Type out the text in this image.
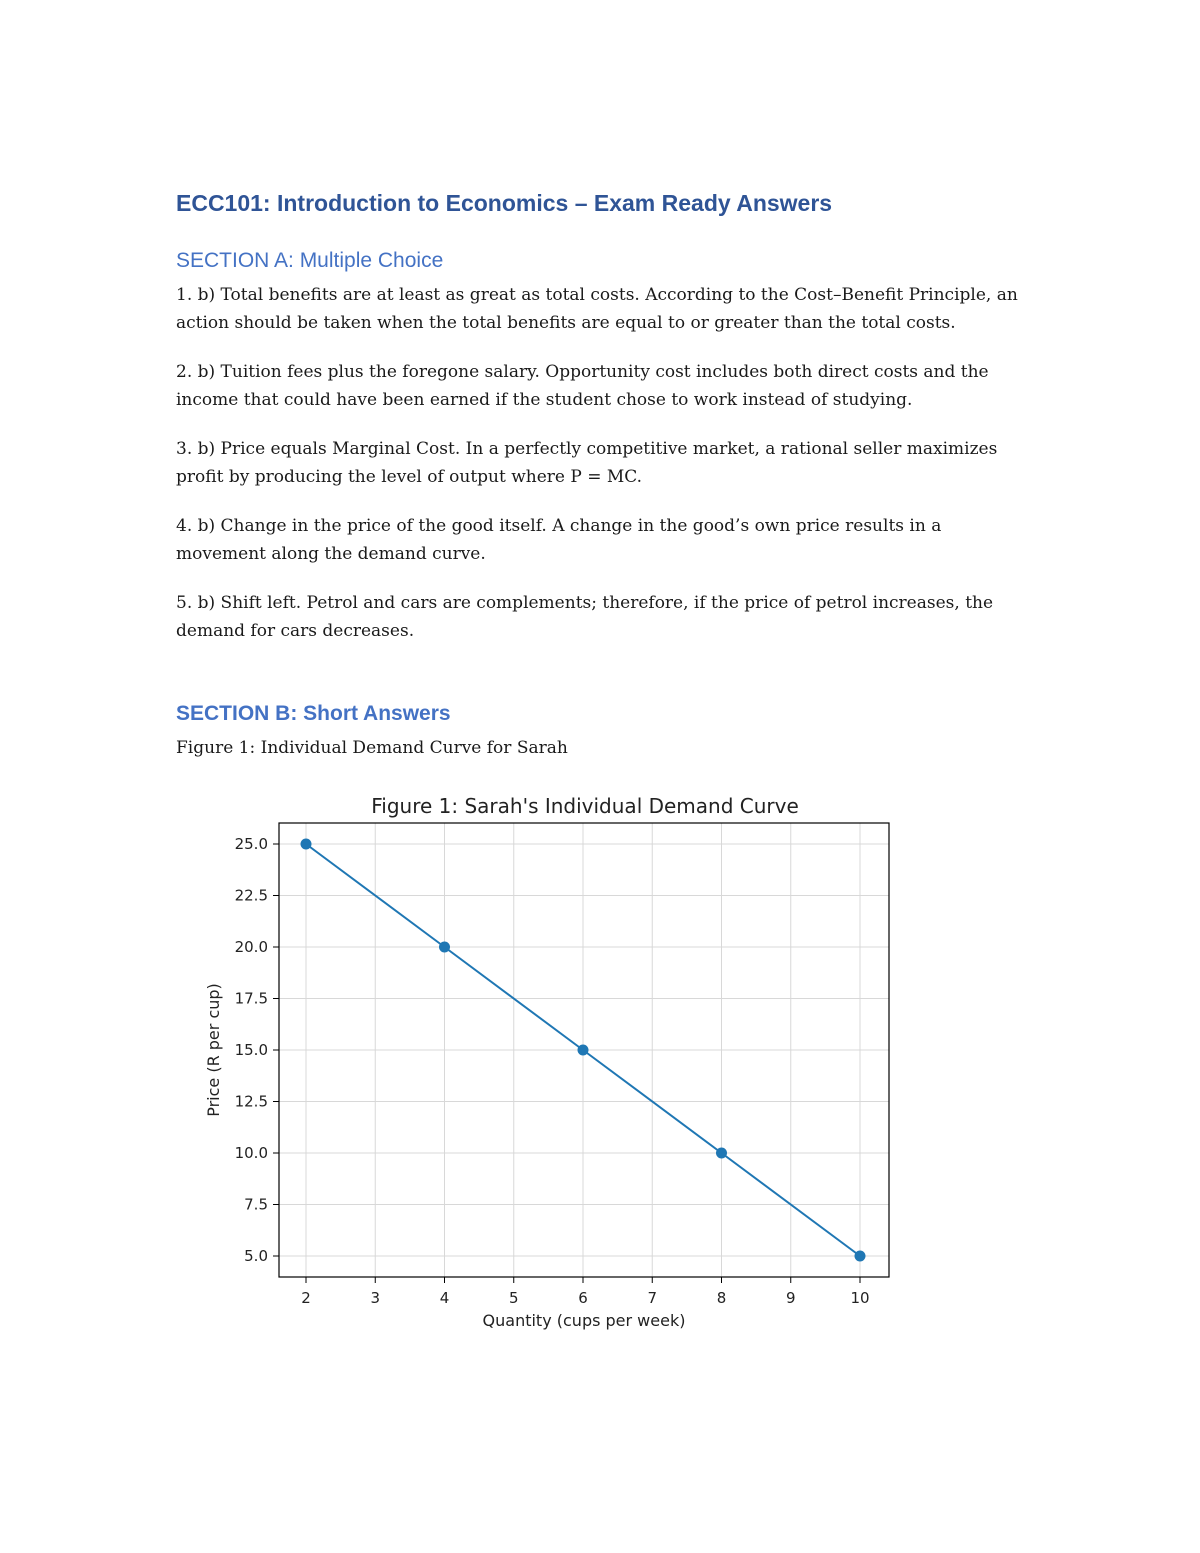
ECC101: Introduction to Economics – Exam Ready Answers
SECTION A: Multiple Choice
1. b) Total benefits are at least as great as total costs. According to the Cost–Benefit Principle, an action should be taken when the total benefits are equal to or greater than the total costs.
2. b) Tuition fees plus the foregone salary. Opportunity cost includes both direct costs and the income that could have been earned if the student chose to work instead of studying.
3. b) Price equals Marginal Cost. In a perfectly competitive market, a rational seller maximizes profit by producing the level of output where P = MC.
4. b) Change in the price of the good itself. A change in the good’s own price results in a movement along the demand curve.
5. b) Shift left. Petrol and cars are complements; therefore, if the price of petrol increases, the demand for cars decreases.
SECTION B: Short Answers

Figure 1: Individual Demand Curve for Sarah

Figure 1: Sarah's Individual Demand Curve
2	3	4	5	6	7	8	9	10
5.0
7.5
10.0
12.5
15.0
17.5
20.0
22.5
25.0
Quantity (cups per week)
Price (R per cup)
